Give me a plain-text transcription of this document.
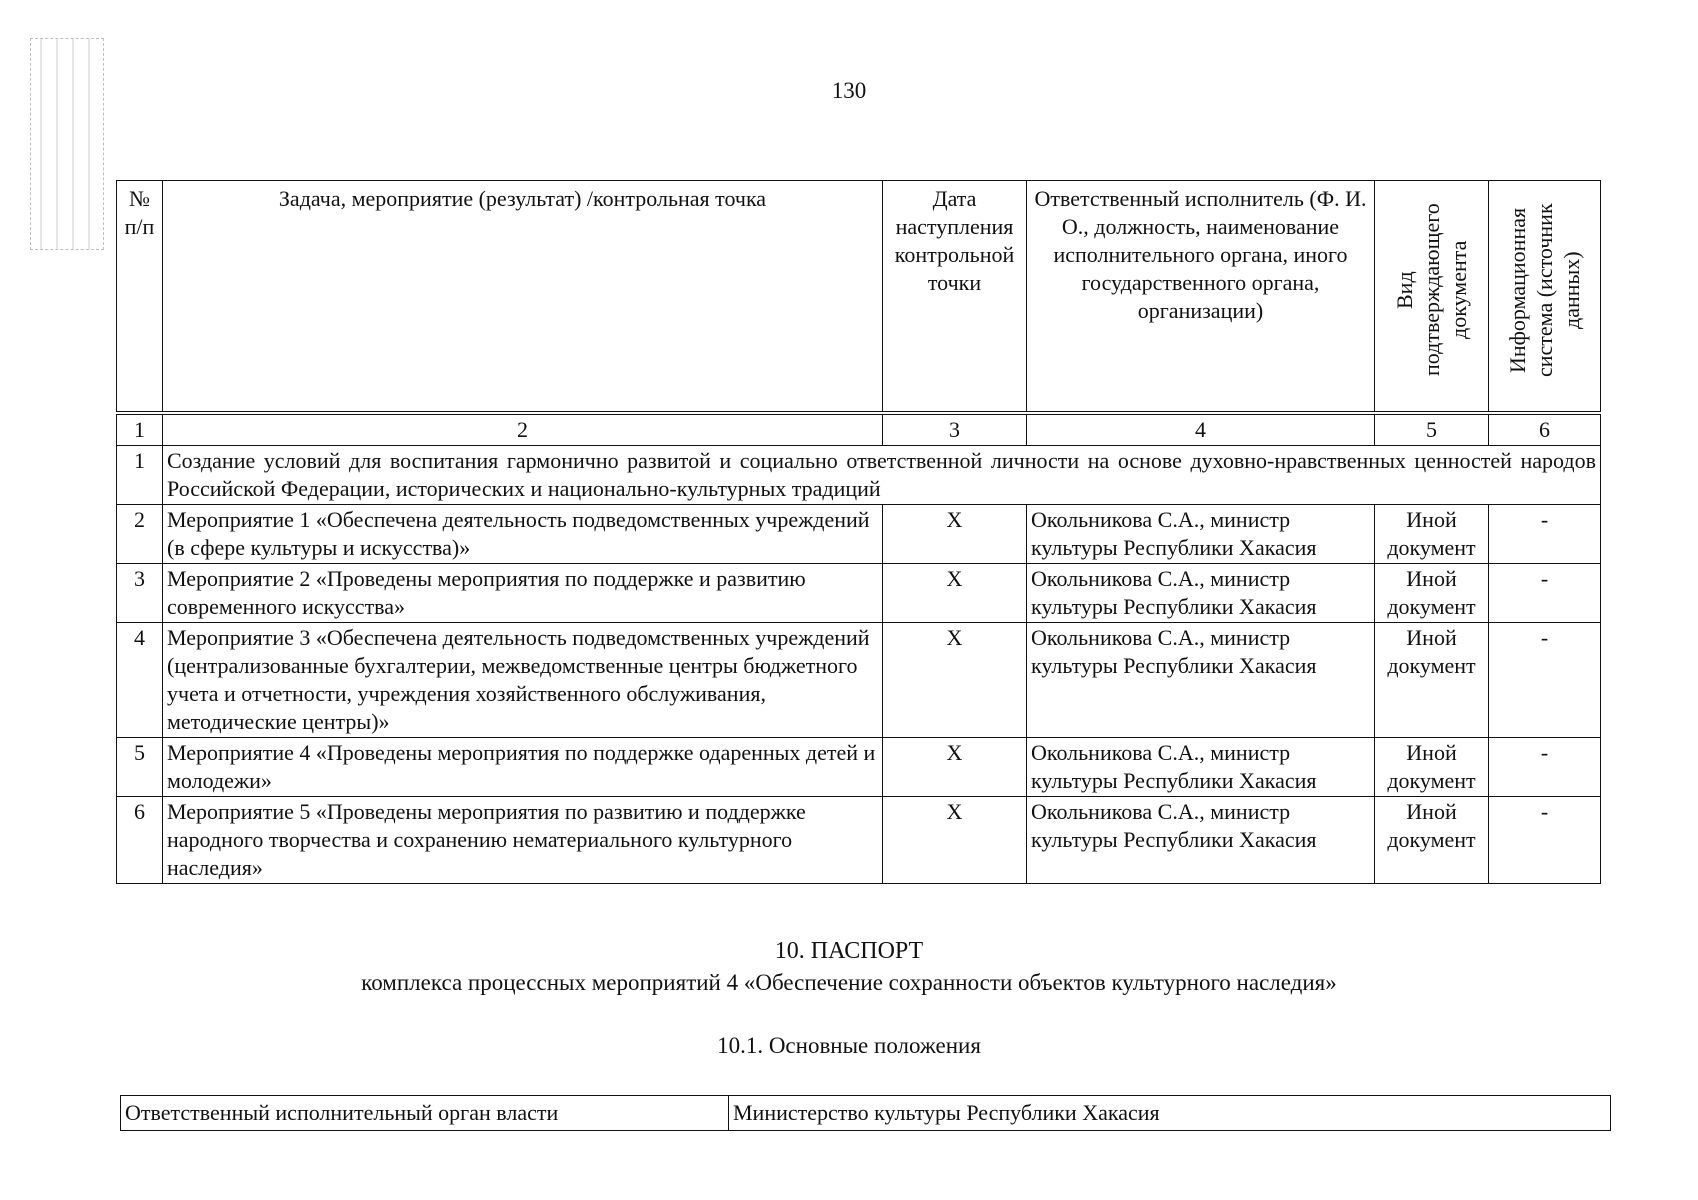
130
№ п/п	Задача, мероприятие (результат) /контрольная точка	Дата наступления контрольной точки	Ответственный исполнитель (Ф. И. О., должность, наименование исполнительного органа, иного государственного органа, организации)	Вид подтверждающего документа	Информационная система (источник данных)
1	2	3	4	5	6
1	Создание условий для воспитания гармонично развитой и социально ответственной личности на основе духовно-нравственных ценностей народов Российской Федерации, исторических и национально-культурных традиций				
2	Мероприятие 1 «Обеспечена деятельность подведомственных учреждений (в сфере культуры и искусства)»	Х	Окольникова С.А., министр культуры Республики Хакасия	Иной документ	-
3	Мероприятие 2 «Проведены мероприятия по поддержке и развитию современного искусства»	Х	Окольникова С.А., министр культуры Республики Хакасия	Иной документ	-
4	Мероприятие 3 «Обеспечена деятельность подведомственных учреждений (централизованные бухгалтерии, межведомственные центры бюджетного учета и отчетности, учреждения хозяйственного обслуживания, методические центры)»	Х	Окольникова С.А., министр культуры Республики Хакасия	Иной документ	-
5	Мероприятие 4 «Проведены мероприятия по поддержке одаренных детей и молодежи»	Х	Окольникова С.А., министр культуры Республики Хакасия	Иной документ	-
6	Мероприятие 5 «Проведены мероприятия по развитию и поддержке народного творчества и сохранению нематериального культурного наследия»	Х	Окольникова С.А., министр культуры Республики Хакасия	Иной документ	-
10. ПАСПОРТ
комплекса процессных мероприятий 4 «Обеспечение сохранности объектов культурного наследия»
10.1. Основные положения
Ответственный исполнительный орган власти	Министерство культуры Республики Хакасия
